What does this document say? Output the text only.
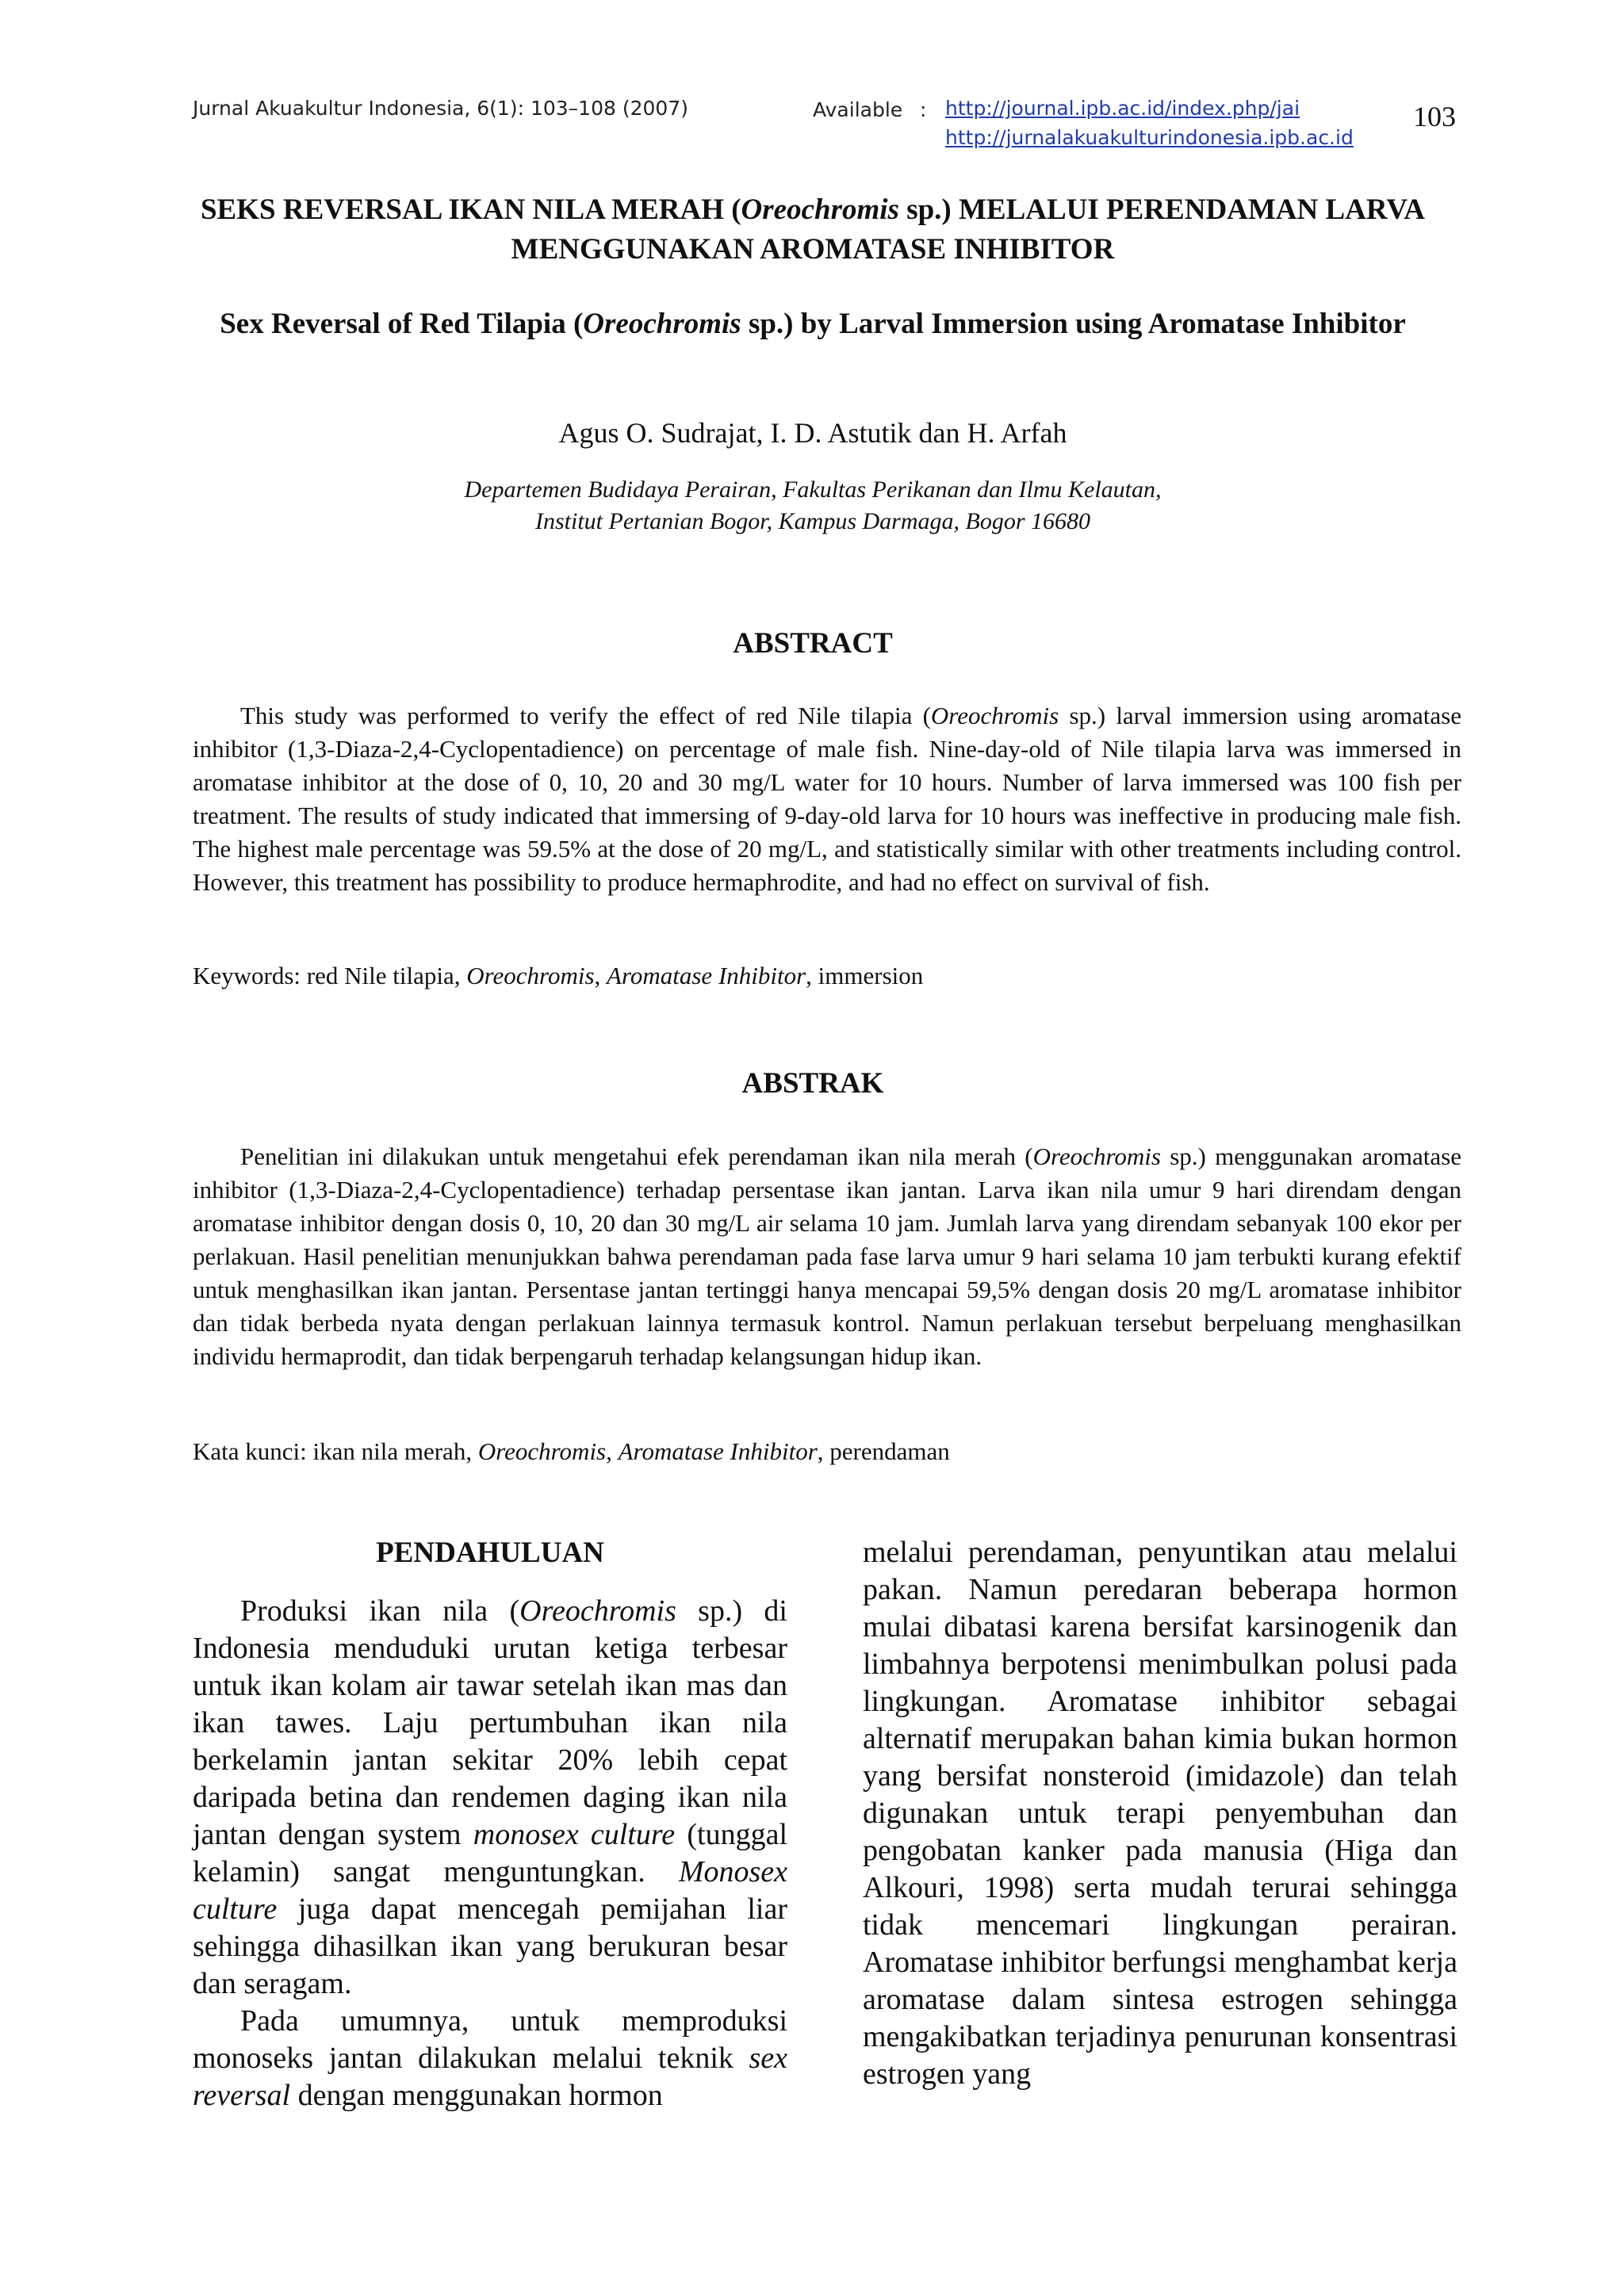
Jurnal Akuakultur Indonesia, 6(1): 103–108 (2007)	Available : http://journal.ipb.ac.id/index.php/jai
http://jurnalakuakulturindonesia.ipb.ac.id
103
SEKS REVERSAL IKAN NILA MERAH (Oreochromis sp.) MELALUI PERENDAMAN LARVA MENGGUNAKAN AROMATASE INHIBITOR
Sex Reversal of Red Tilapia (Oreochromis sp.) by Larval Immersion using Aromatase Inhibitor
Agus O. Sudrajat, I. D. Astutik dan H. Arfah
Departemen Budidaya Perairan, Fakultas Perikanan dan Ilmu Kelautan,
Institut Pertanian Bogor, Kampus Darmaga, Bogor 16680
ABSTRACT

This study was performed to verify the effect of red Nile tilapia (Oreochromis sp.) larval immersion using aromatase inhibitor (1,3-Diaza-2,4-Cyclopentadience) on percentage of male fish. Nine-day-old of Nile tilapia larva was immersed in aromatase inhibitor at the dose of 0, 10, 20 and 30 mg/L water for 10 hours. Number of larva immersed was 100 fish per treatment. The results of study indicated that immersing of 9-day-old larva for 10 hours was ineffective in producing male fish. The highest male percentage was 59.5% at the dose of 20 mg/L, and statistically similar with other treatments including control. However, this treatment has possibility to produce hermaphrodite, and had no effect on survival of fish.

Keywords: red Nile tilapia, Oreochromis, Aromatase Inhibitor, immersion

ABSTRAK

Penelitian ini dilakukan untuk mengetahui efek perendaman ikan nila merah (Oreochromis sp.) menggunakan aromatase inhibitor (1,3-Diaza-2,4-Cyclopentadience) terhadap persentase ikan jantan. Larva ikan nila umur 9 hari direndam dengan aromatase inhibitor dengan dosis 0, 10, 20 dan 30 mg/L air selama 10 jam. Jumlah larva yang direndam sebanyak 100 ekor per perlakuan. Hasil penelitian menunjukkan bahwa perendaman pada fase larva umur 9 hari selama 10 jam terbukti kurang efektif untuk menghasilkan ikan jantan. Persentase jantan tertinggi hanya mencapai 59,5% dengan dosis 20 mg/L aromatase inhibitor dan tidak berbeda nyata dengan perlakuan lainnya termasuk kontrol. Namun perlakuan tersebut berpeluang menghasilkan individu hermaprodit, dan tidak berpengaruh terhadap kelangsungan hidup ikan.

Kata kunci: ikan nila merah, Oreochromis, Aromatase Inhibitor, perendaman

PENDAHULUAN

Produksi ikan nila (Oreochromis sp.) di Indonesia menduduki urutan ketiga terbesar untuk ikan kolam air tawar setelah ikan mas dan ikan tawes. Laju pertumbuhan ikan nila berkelamin jantan sekitar 20% lebih cepat daripada betina dan rendemen daging ikan nila jantan dengan system monosex culture (tunggal kelamin) sangat menguntungkan. Monosex culture juga dapat mencegah pemijahan liar sehingga dihasilkan ikan yang berukuran besar dan seragam.

Pada umumnya, untuk memproduksi monoseks jantan dilakukan melalui teknik sex reversal dengan menggunakan hormon

melalui perendaman, penyuntikan atau melalui pakan. Namun peredaran beberapa hormon mulai dibatasi karena bersifat karsinogenik dan limbahnya berpotensi menimbulkan polusi pada lingkungan. Aromatase inhibitor sebagai alternatif merupakan bahan kimia bukan hormon yang bersifat nonsteroid (imidazole) dan telah digunakan untuk terapi penyembuhan dan pengobatan kanker pada manusia (Higa dan Alkouri, 1998) serta mudah terurai sehingga tidak mencemari lingkungan perairan. Aromatase inhibitor berfungsi menghambat kerja aromatase dalam sintesa estrogen sehingga mengakibatkan terjadinya penurunan konsentrasi estrogen yang
